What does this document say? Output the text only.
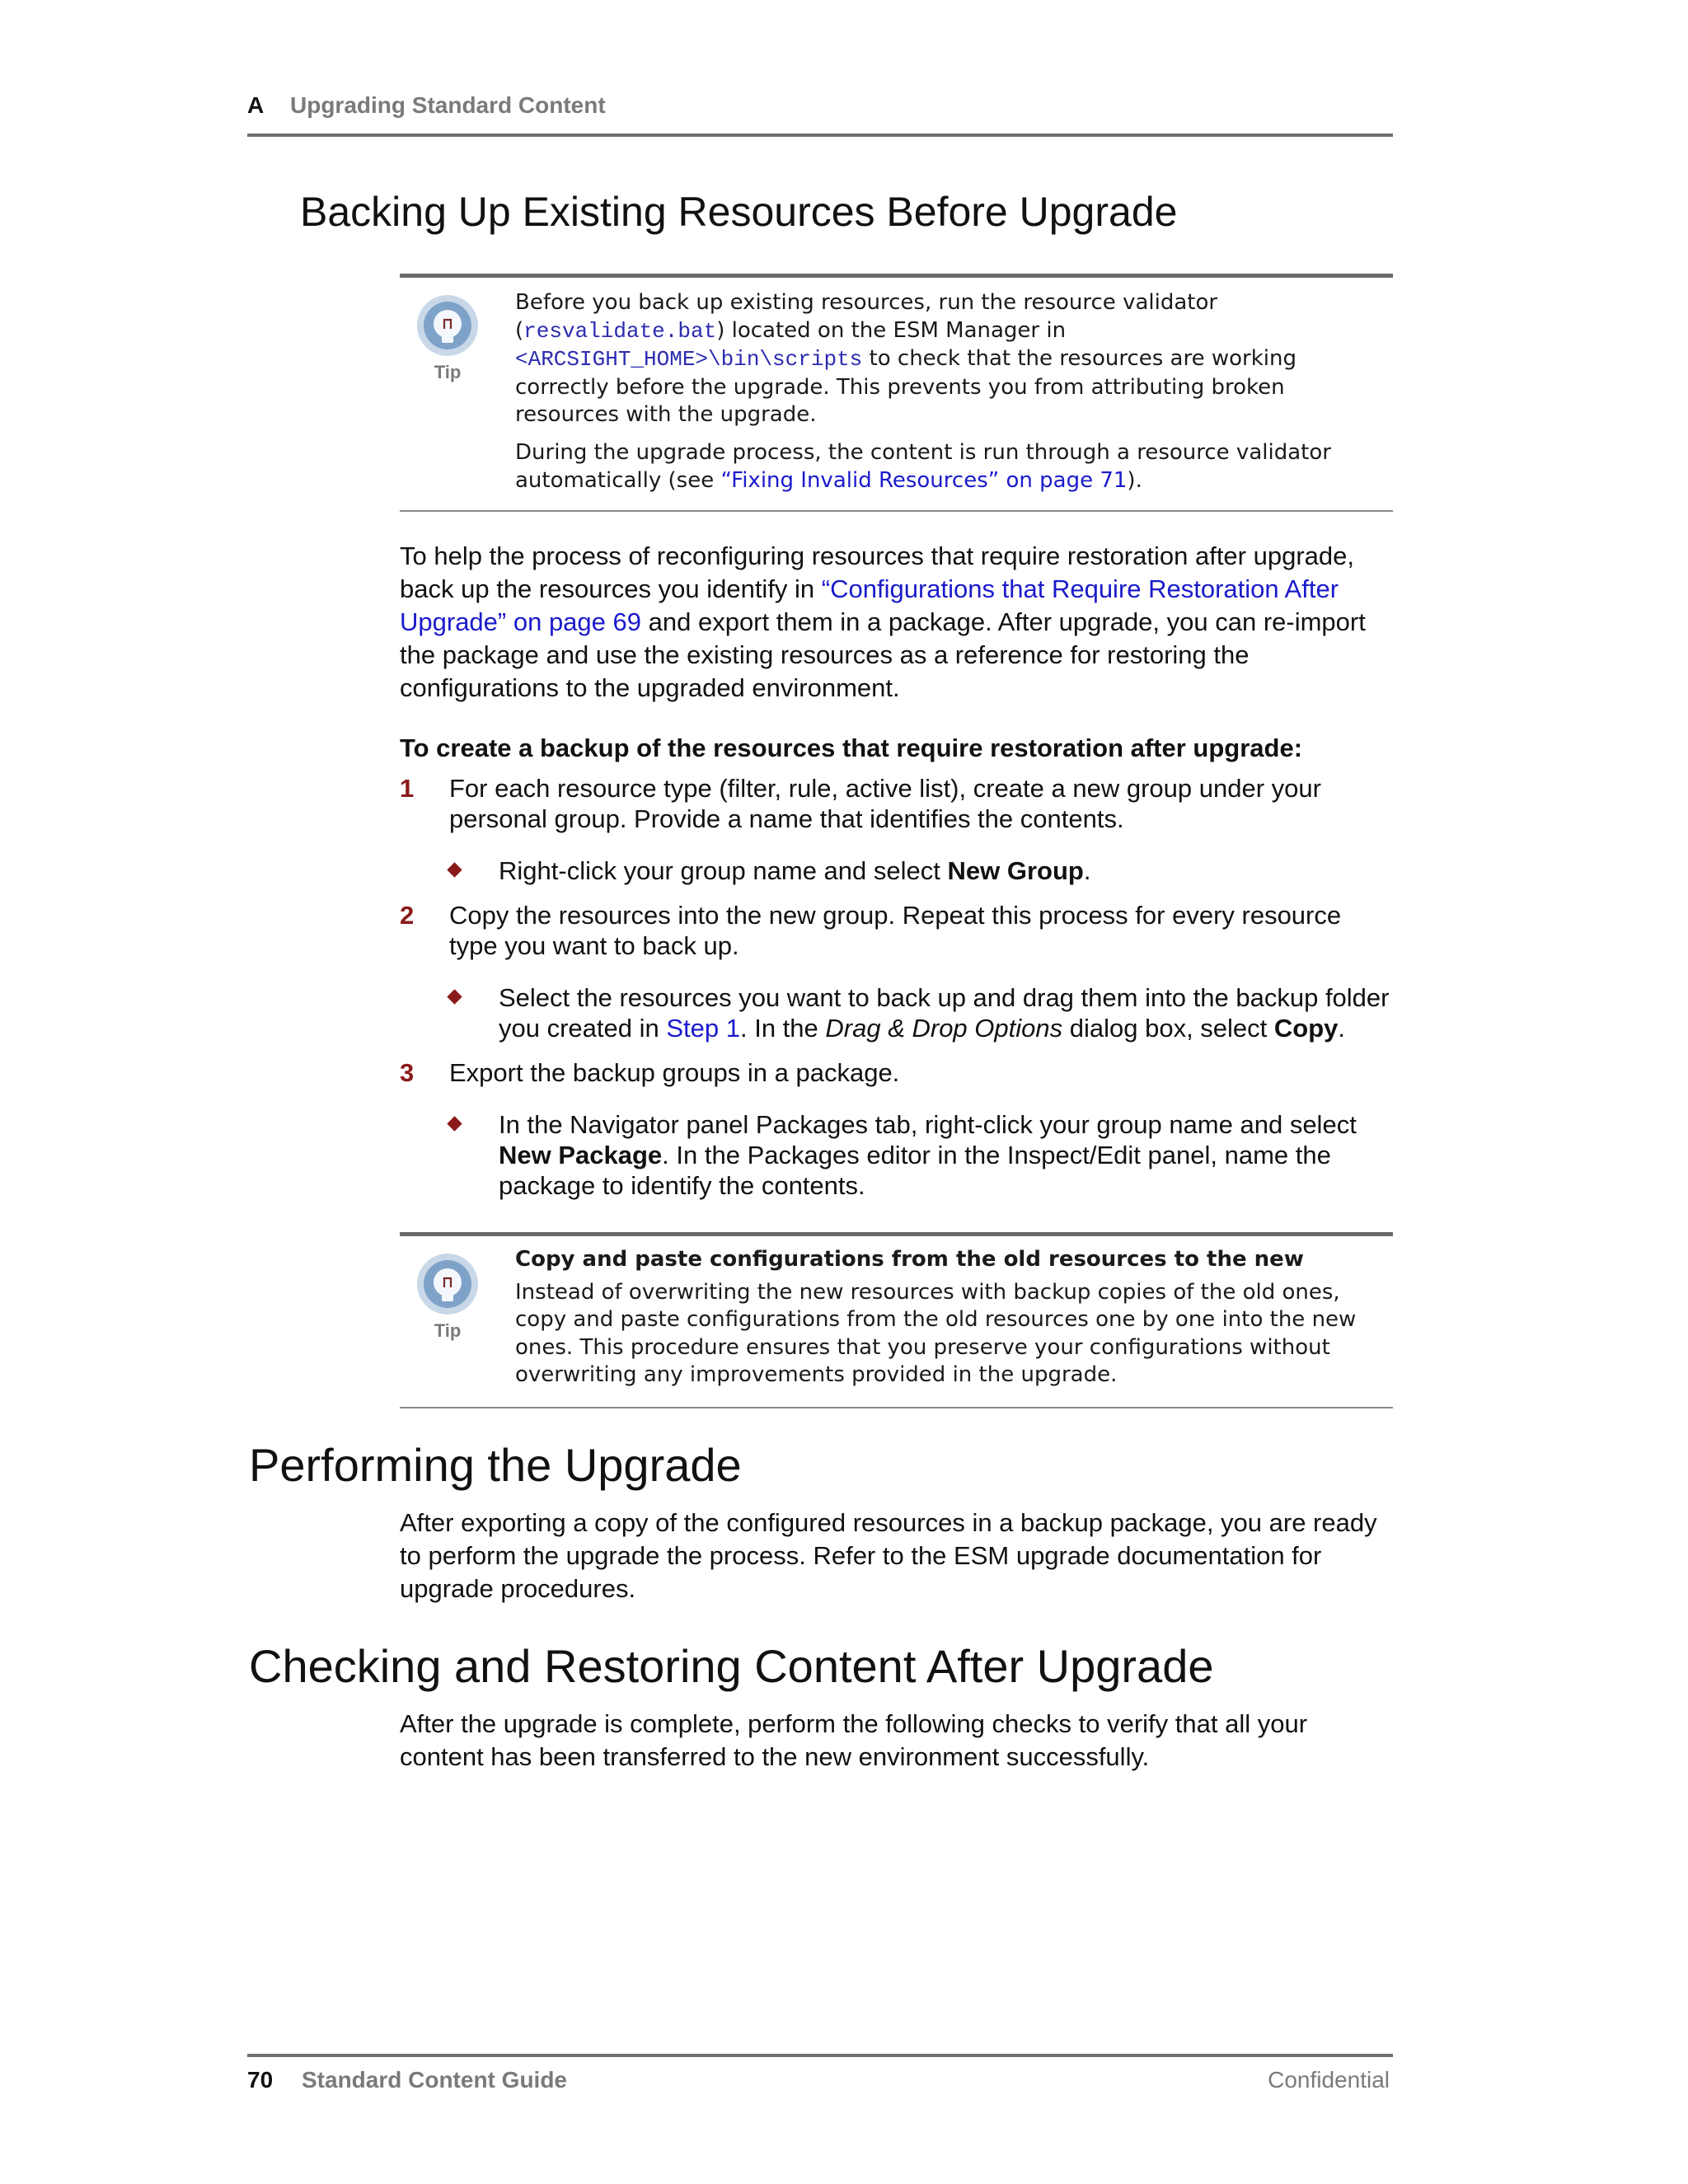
A Upgrading Standard Content
Backing Up Existing Resources Before Upgrade
Tip

Before you back up existing resources, run the resource validator (resvalidate.bat) located on the ESM Manager in <ARCSIGHT_HOME>\bin\scripts to check that the resources are working correctly before the upgrade. This prevents you from attributing broken resources with the upgrade.

During the upgrade process, the content is run through a resource validator automatically (see “Fixing Invalid Resources” on page 71).

To help the process of reconfiguring resources that require restoration after upgrade, back up the resources you identify in “Configurations that Require Restoration After Upgrade” on page 69 and export them in a package. After upgrade, you can re-import the package and use the existing resources as a reference for restoring the configurations to the upgraded environment.

To create a backup of the resources that require restoration after upgrade:
1 For each resource type (filter, rule, active list), create a new group under your personal group. Provide a name that identifies the contents.
Right-click your group name and select New Group.
2 Copy the resources into the new group. Repeat this process for every resource type you want to back up.
Select the resources you want to back up and drag them into the backup folder you created in Step 1. In the Drag & Drop Options dialog box, select Copy.
3 Export the backup groups in a package.
In the Navigator panel Packages tab, right-click your group name and select New Package. In the Packages editor in the Inspect/Edit panel, name the package to identify the contents.
Tip

Copy and paste configurations from the old resources to the new

Instead of overwriting the new resources with backup copies of the old ones, copy and paste configurations from the old resources one by one into the new ones. This procedure ensures that you preserve your configurations without overwriting any improvements provided in the upgrade.

Performing the Upgrade

After exporting a copy of the configured resources in a backup package, you are ready to perform the upgrade the process. Refer to the ESM upgrade documentation for upgrade procedures.

Checking and Restoring Content After Upgrade

After the upgrade is complete, perform the following checks to verify that all your content has been transferred to the new environment successfully.

70 Standard Content Guide	Confidential
